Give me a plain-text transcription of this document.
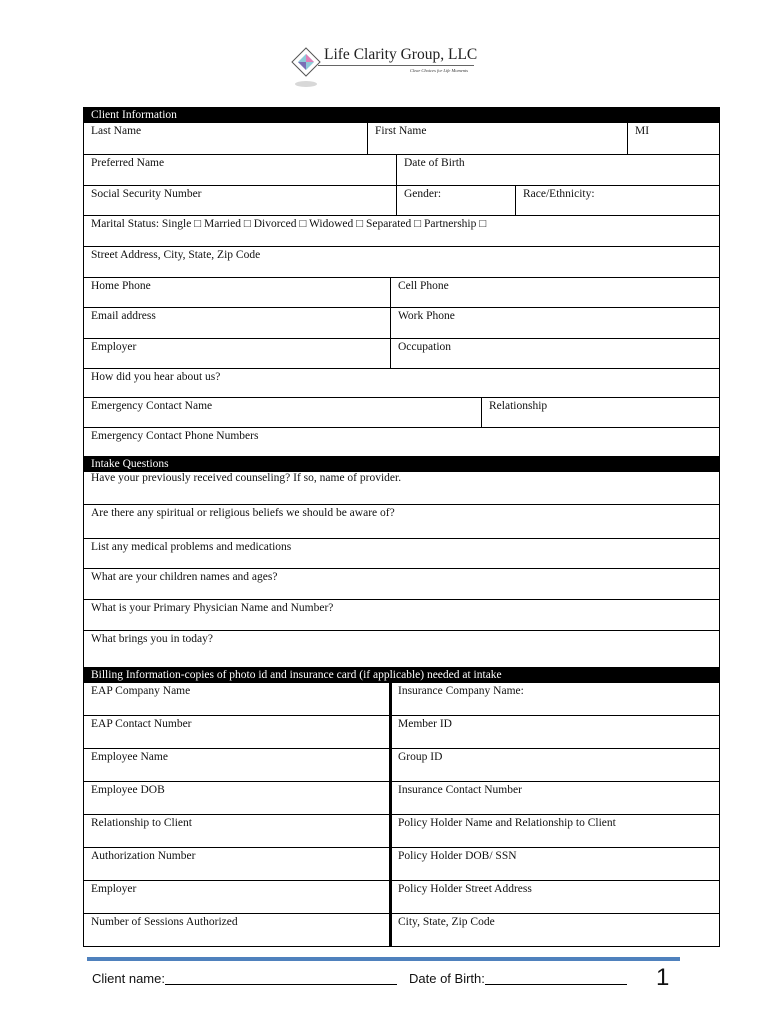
Life Clarity Group, LLC
Clear Choices for Life Moments
Client Information
Last Name	First Name	MI
Preferred Name	Date of Birth
Social Security Number	Gender:	Race/Ethnicity:
Marital Status: Single □ Married □ Divorced □ Widowed □ Separated □ Partnership □
Street Address, City, State, Zip Code
Home Phone	Cell Phone
Email address	Work Phone
Employer	Occupation
How did you hear about us?
Emergency Contact Name	Relationship
Emergency Contact Phone Numbers
Intake Questions
Have your previously received counseling? If so, name of provider.
Are there any spiritual or religious beliefs we should be aware of?
List any medical problems and medications
What are your children names and ages?
What is your Primary Physician Name and Number?
What brings you in today?
Billing Information-copies of photo id and insurance card (if applicable) needed at intake
EAP Company Name	Insurance Company Name:
EAP Contact Number	Member ID
Employee Name	Group ID
Employee DOB	Insurance Contact Number
Relationship to Client	Policy Holder Name and Relationship to Client
Authorization Number	Policy Holder DOB/ SSN
Employer	Policy Holder Street Address
Number of Sessions Authorized	City, State, Zip Code
Client name:	Date of Birth:	1
